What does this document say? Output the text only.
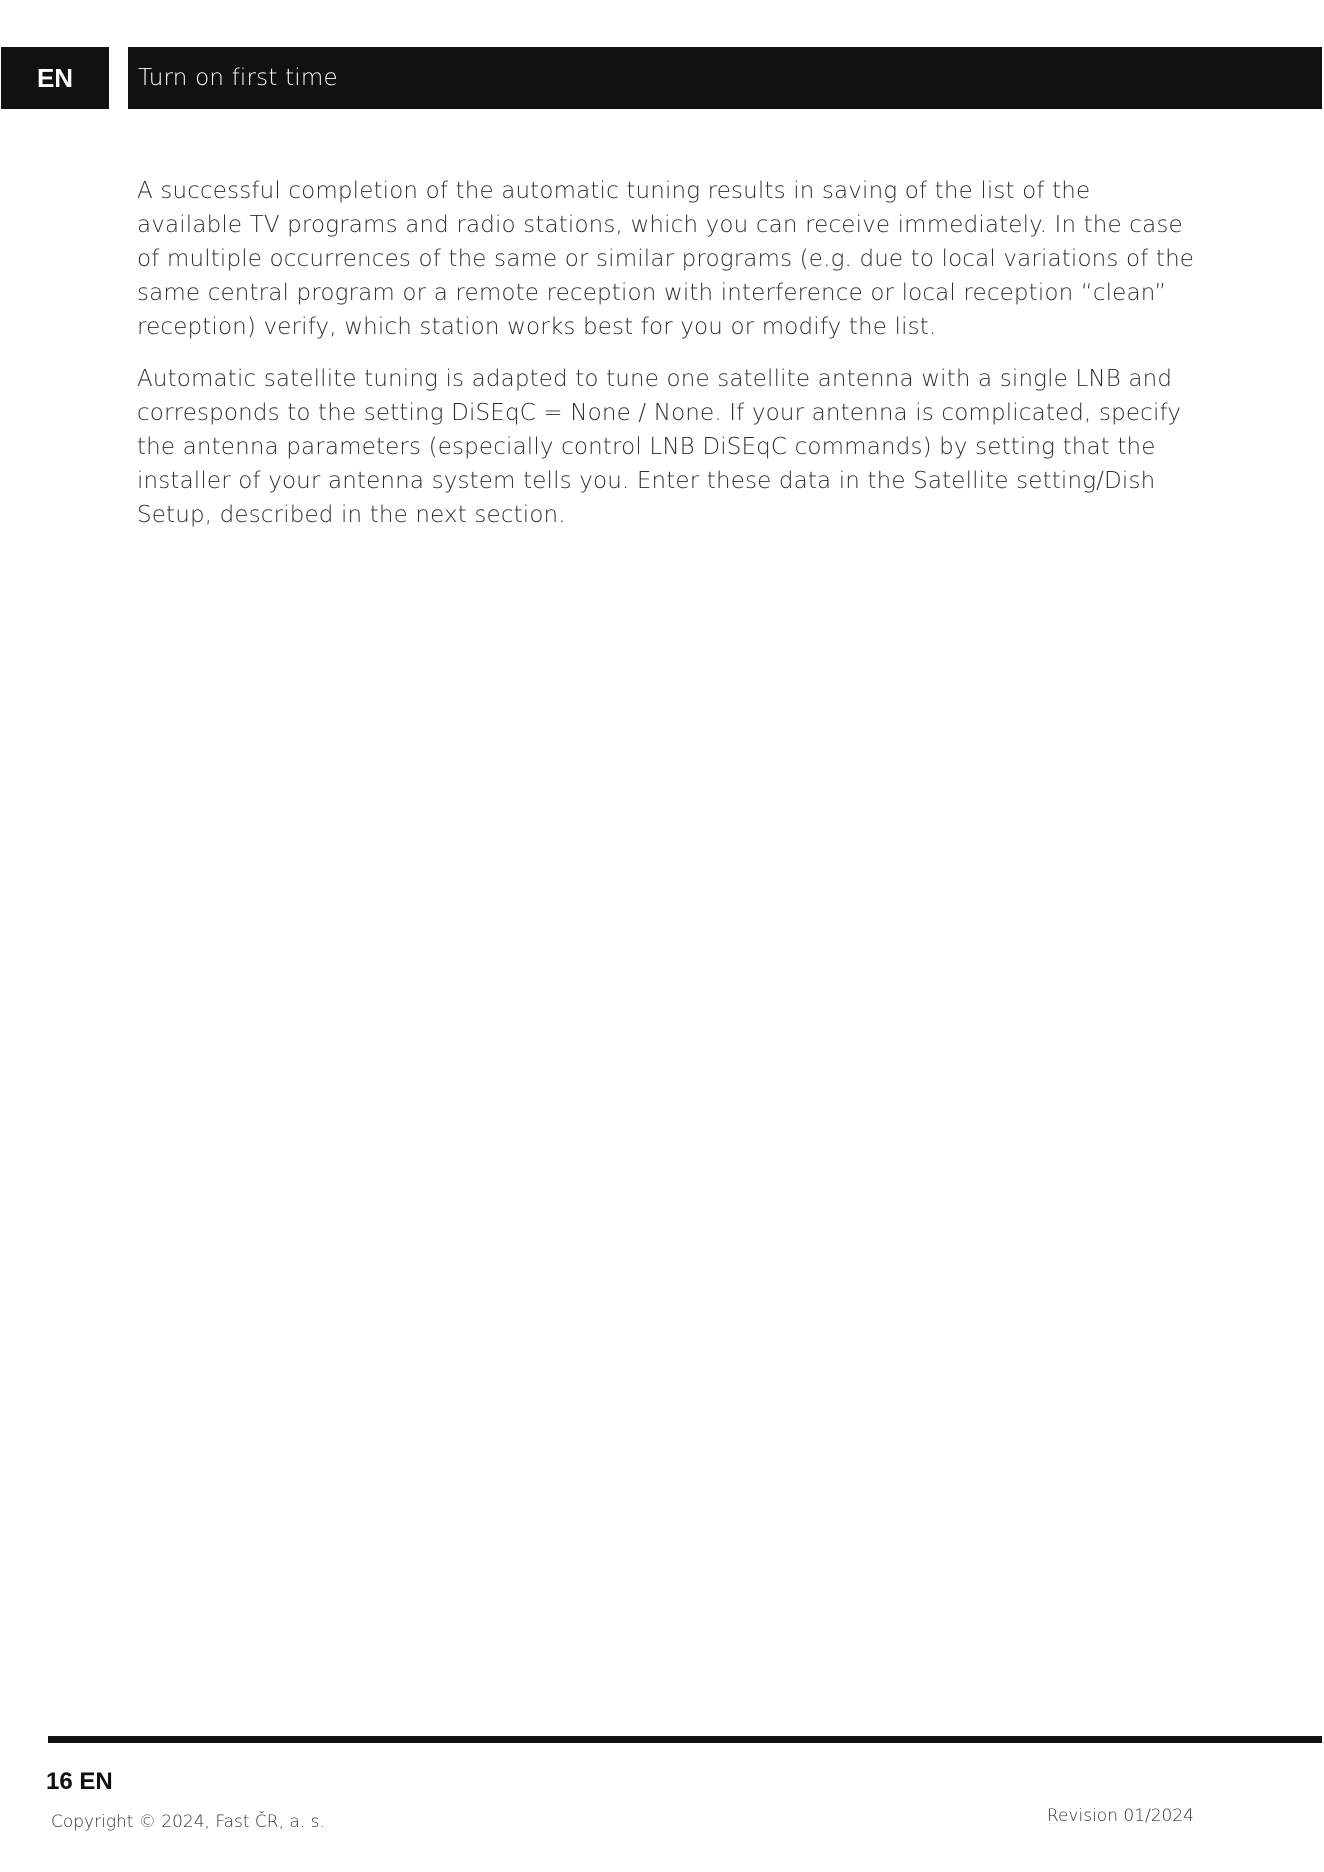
EN	Turn on first time

A successful completion of the automatic tuning results in saving of the list of the available TV programs and radio stations, which you can receive immediately. In the case of multiple occurrences of the same or similar programs (e.g. due to local variations of the same central program or a remote reception with interference or local reception “clean” reception) verify, which station works best for you or modify the list.

Automatic satellite tuning is adapted to tune one satellite antenna with a single LNB and corresponds to the setting DiSEqC = None / None. If your antenna is complicated, specify the antenna parameters (especially control LNB DiSEqC commands) by setting that the installer of your antenna system tells you. Enter these data in the Satellite setting/Dish Setup, described in the next section.

16 EN
Copyright © 2024, Fast ČR, a. s.	Revision 01/2024
